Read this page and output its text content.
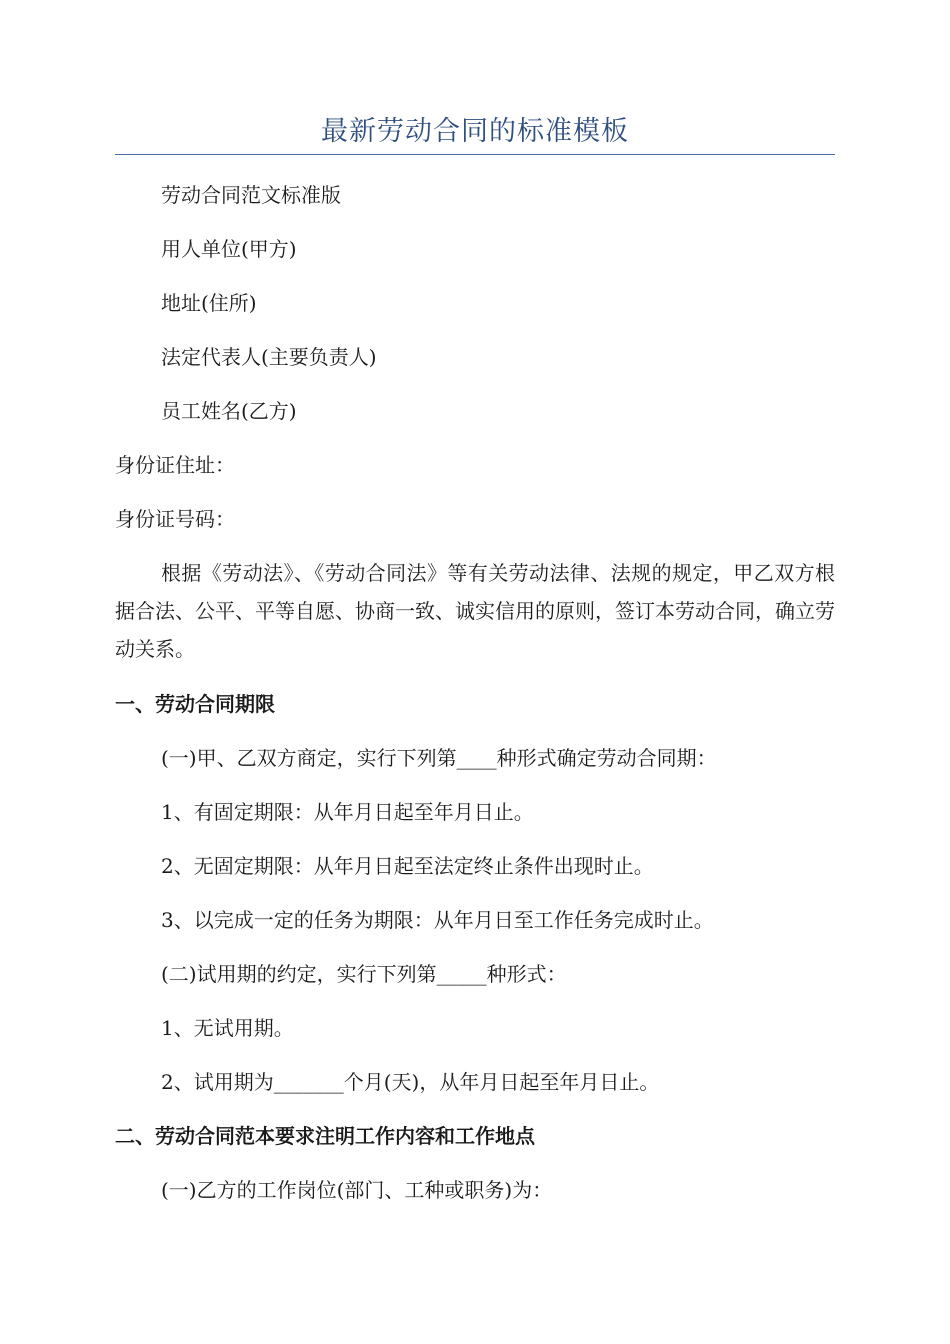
最新劳动合同的标准模板
劳动合同范文标准版
用人单位(甲方)
地址(住所)
法定代表人(主要负责人)
员工姓名(乙方)
身份证住址：
身份证号码：
根据《劳动法》、《劳动合同法》等有关劳动法律、法规的规定，甲乙双方根据合法、公平、平等自愿、协商一致、诚实信用的原则，签订本劳动合同，确立劳动关系。
一、劳动合同期限
(一)甲、乙双方商定，实行下列第____种形式确定劳动合同期：
1、有固定期限：从年月日起至年月日止。
2、无固定期限：从年月日起至法定终止条件出现时止。
3、以完成一定的任务为期限：从年月日至工作任务完成时止。
(二)试用期的约定，实行下列第_____种形式：
1、无试用期。
2、试用期为_______个月(天)，从年月日起至年月日止。
二、劳动合同范本要求注明工作内容和工作地点
(一)乙方的工作岗位(部门、工种或职务)为：
